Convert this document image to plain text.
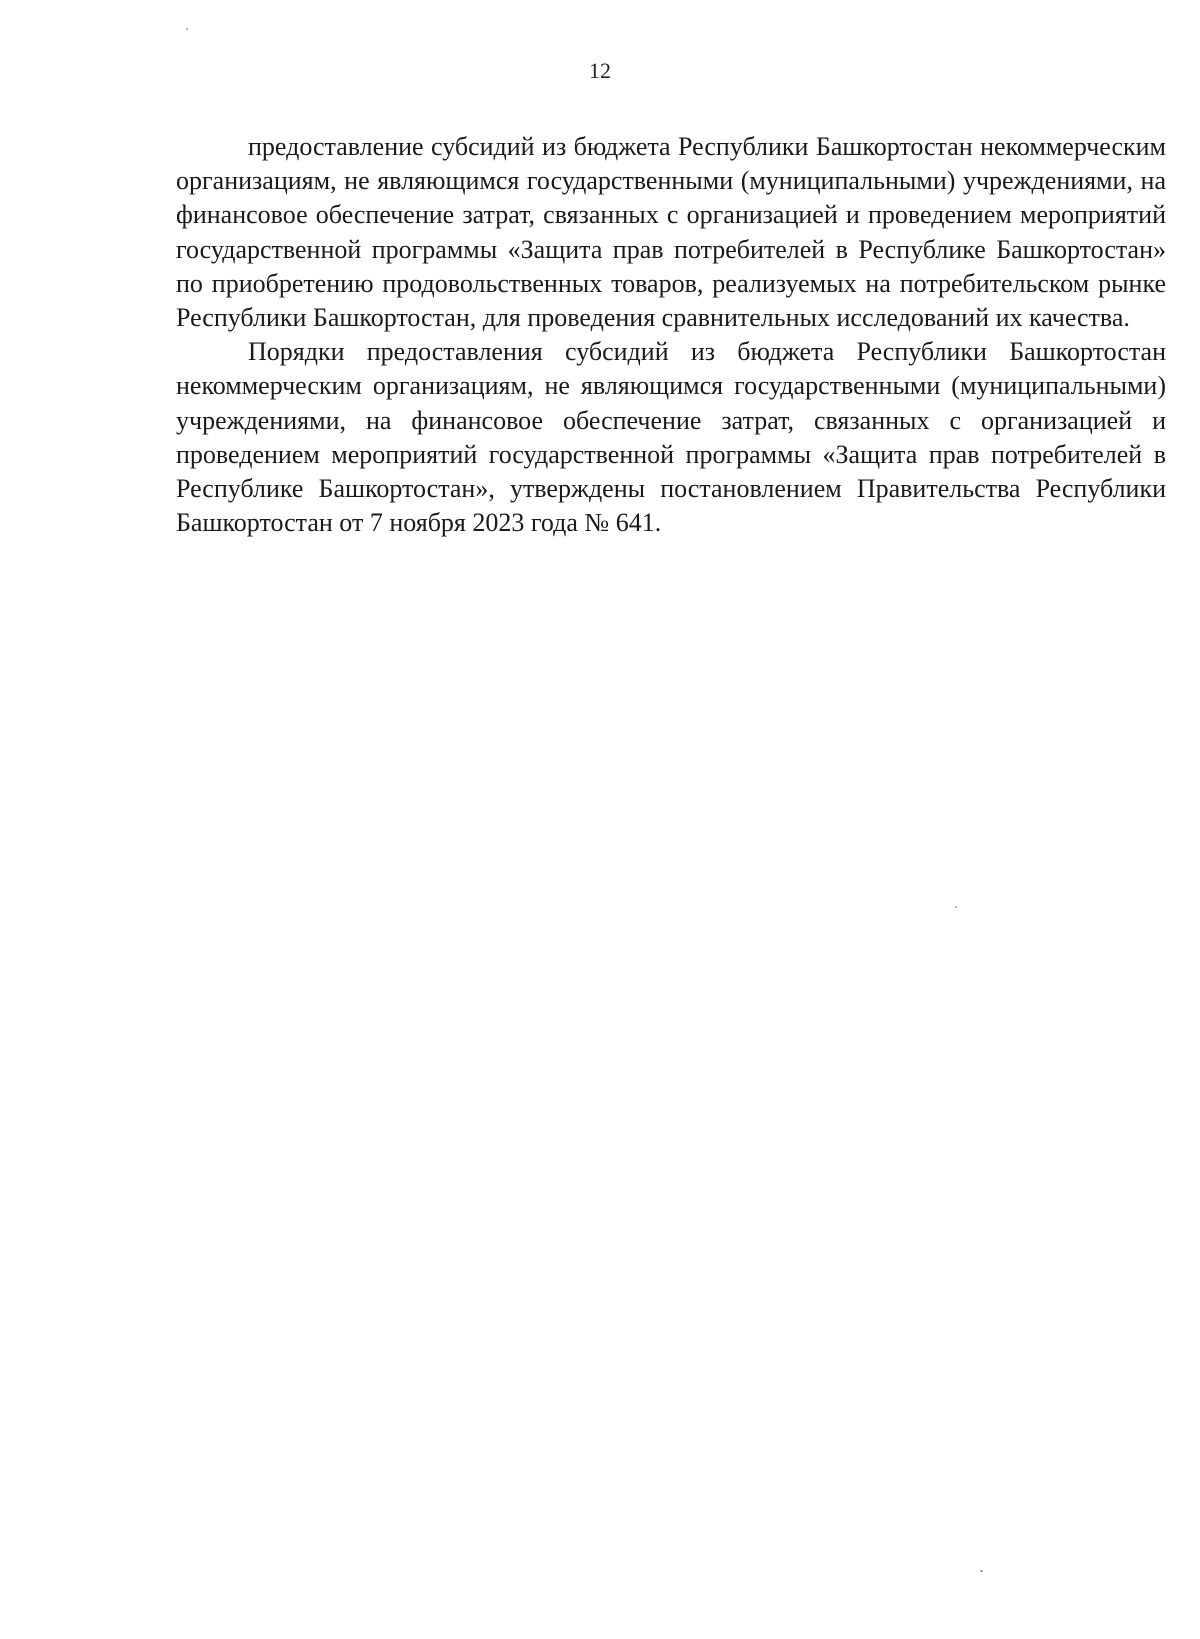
12

предоставление субсидий из бюджета Республики Башкортостан некоммерческим организациям, не являющимся государственными (муниципальными) учреждениями, на финансовое обеспечение затрат, связанных с организацией и проведением мероприятий государственной программы «Защита прав потребителей в Республике Башкортостан» по приобретению продовольственных товаров, реализуемых на потребительском рынке Республики Башкортостан, для проведения сравнительных исследований их качества.

Порядки предоставления субсидий из бюджета Республики Башкортостан некоммерческим организациям, не являющимся государственными (муниципальными) учреждениями, на финансовое обеспечение затрат, связанных с организацией и проведением мероприятий государственной программы «Защита прав потребителей в Республике Башкортостан», утверждены постановлением Правительства Республики Башкортостан от 7 ноября 2023 года № 641.
